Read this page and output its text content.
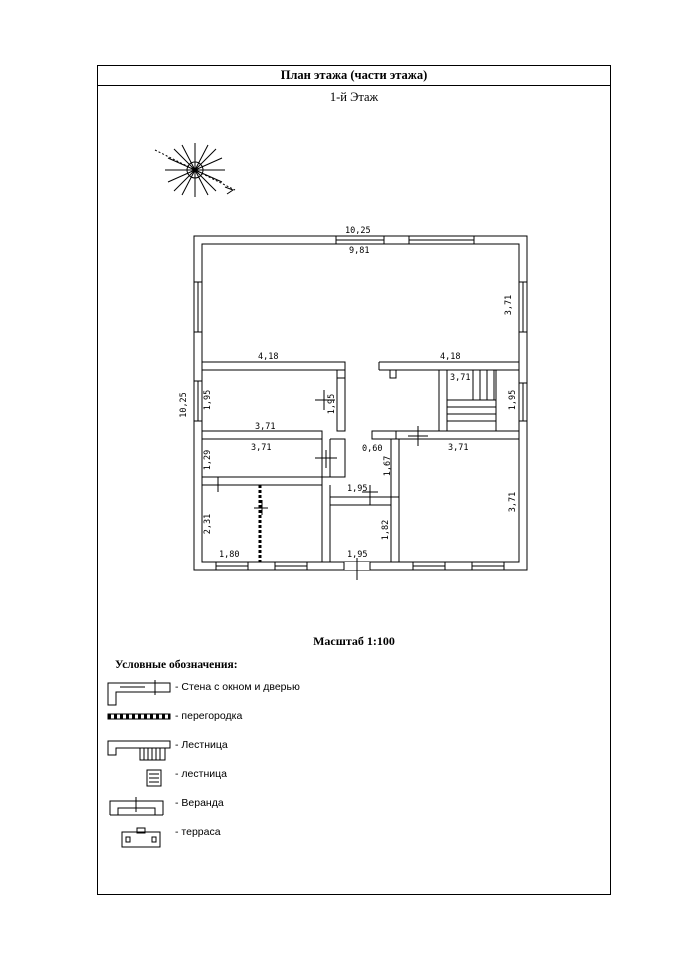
План этажа (части этажа)
1-й Этаж
Масштаб 1:100
Условные обозначения:
- Стена с окном и дверью
- перегородка
- Лестница
- лестница
- Веранда
- терраса
10,25
9,81
10,25
3,71
4,18	4,18
1,95	1,95
3,71
3,71
1,95
3,71
1,29
0,60	3,71
1,67
1,95
3,71
2,31	1,82
1,80	1,95
